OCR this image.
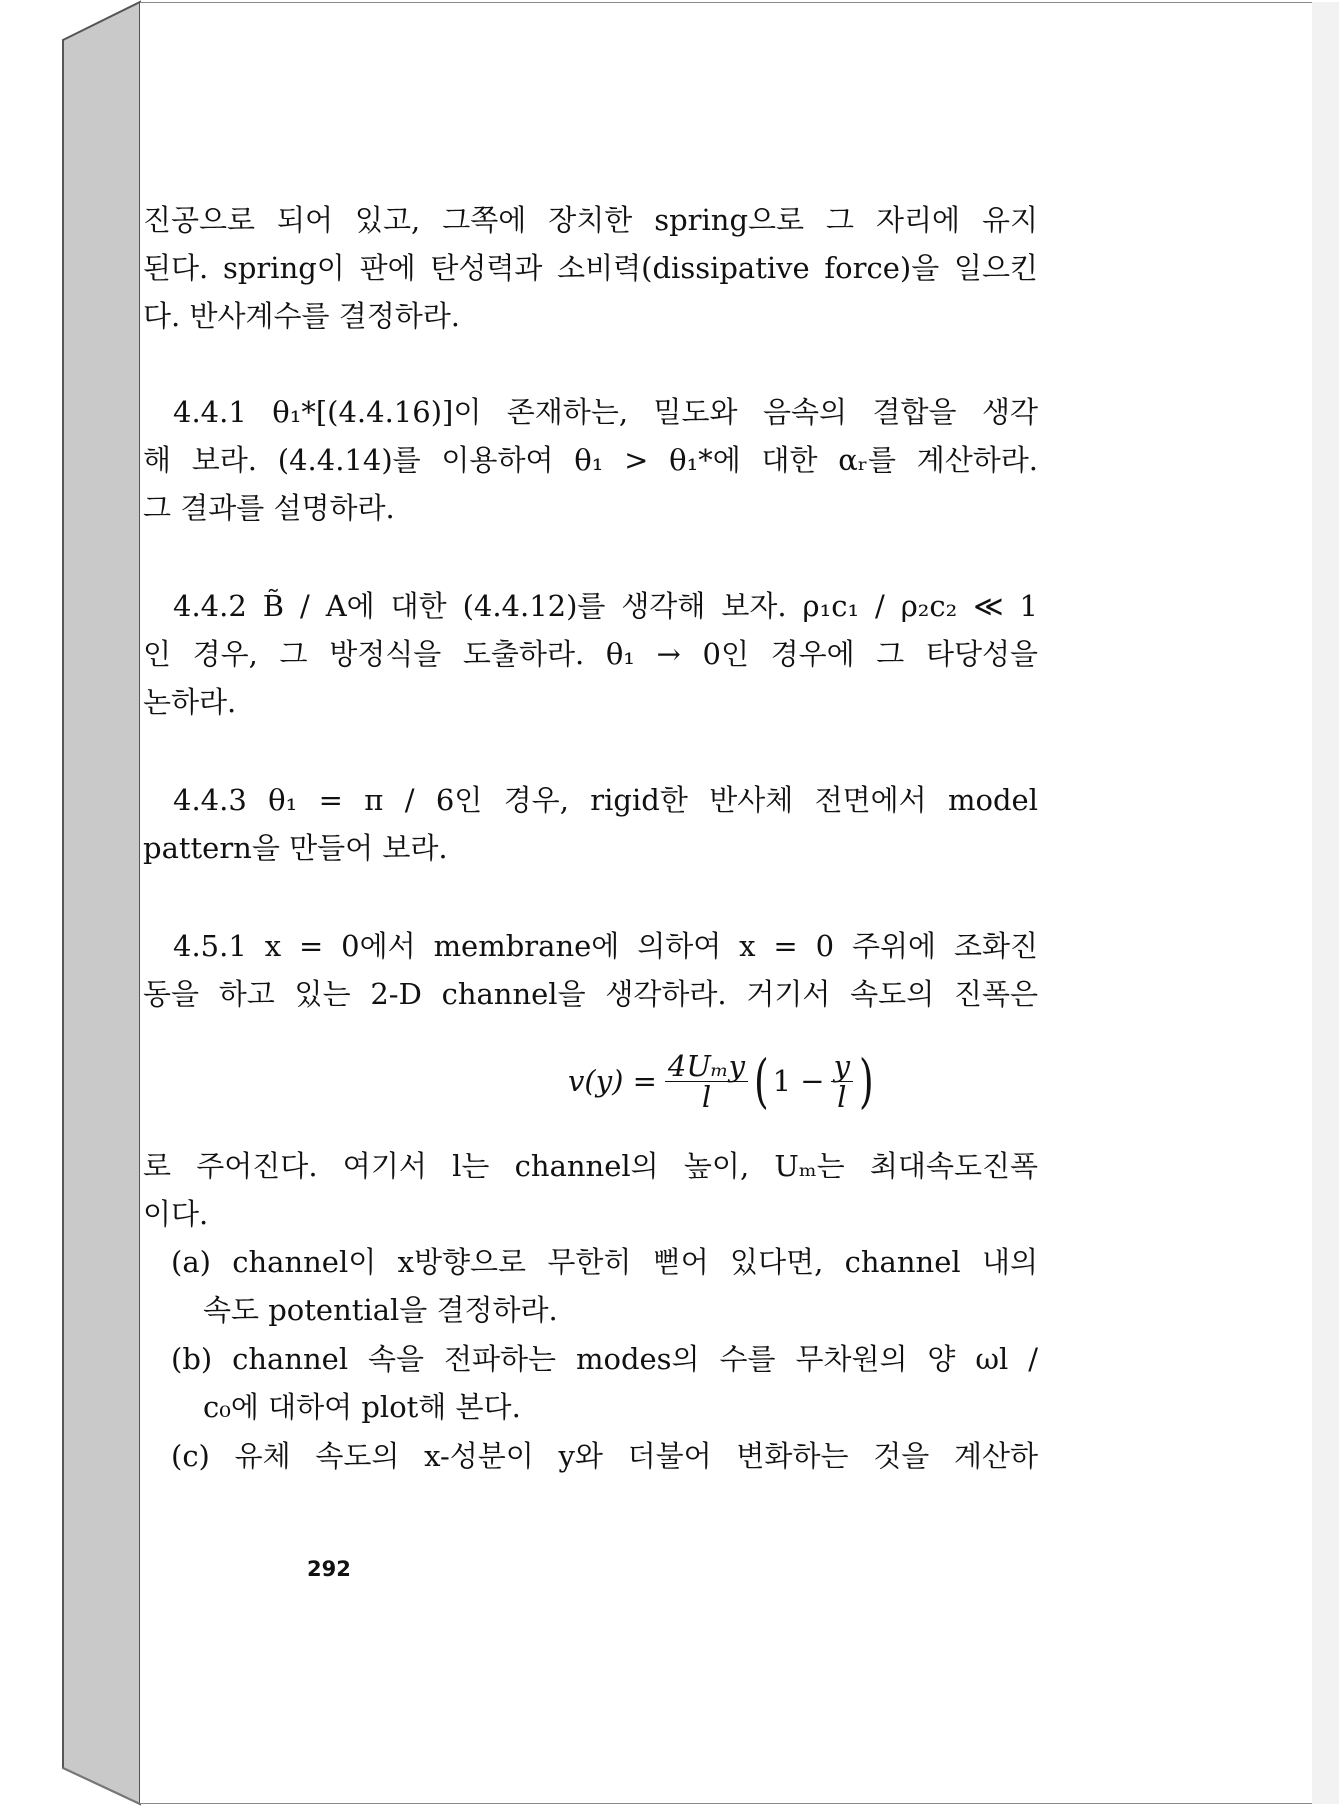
진공으로 되어 있고, 그쪽에 장치한 spring으로 그 자리에 유지
된다. spring이 판에 탄성력과 소비력(dissipative force)을 일으킨
다. 반사계수를 결정하라.
4.4.1 θ₁*[(4.4.16)]이 존재하는, 밀도와 음속의 결합을 생각
해 보라. (4.4.14)를 이용하여 θ₁ > θ₁*에 대한 αᵣ를 계산하라.
그 결과를 설명하라.
4.4.2 B̃ / A에 대한 (4.4.12)를 생각해 보자. ρ₁c₁ / ρ₂c₂ ≪ 1
인 경우, 그 방정식을 도출하라. θ₁ → 0인 경우에 그 타당성을
논하라.
4.4.3 θ₁ = π / 6인 경우, rigid한 반사체 전면에서 model
pattern을 만들어 보라.
4.5.1 x = 0에서 membrane에 의하여 x = 0 주위에 조화진
동을 하고 있는 2-D channel을 생각하라. 거기서 속도의 진폭은
$v(y) = \frac{\text{4Uₘy}}{l}$ ( $1 - \frac{y}{l}$ )
로 주어진다. 여기서 l는 channel의 높이, Uₘ는 최대속도진폭
이다.
(a) channel이 x방향으로 무한히 뻗어 있다면, channel 내의
속도 potential을 결정하라.
(b) channel 속을 전파하는 modes의 수를 무차원의 양 ωl /
c₀에 대하여 plot해 본다.
(c) 유체 속도의 x-성분이 y와 더불어 변화하는 것을 계산하
292
